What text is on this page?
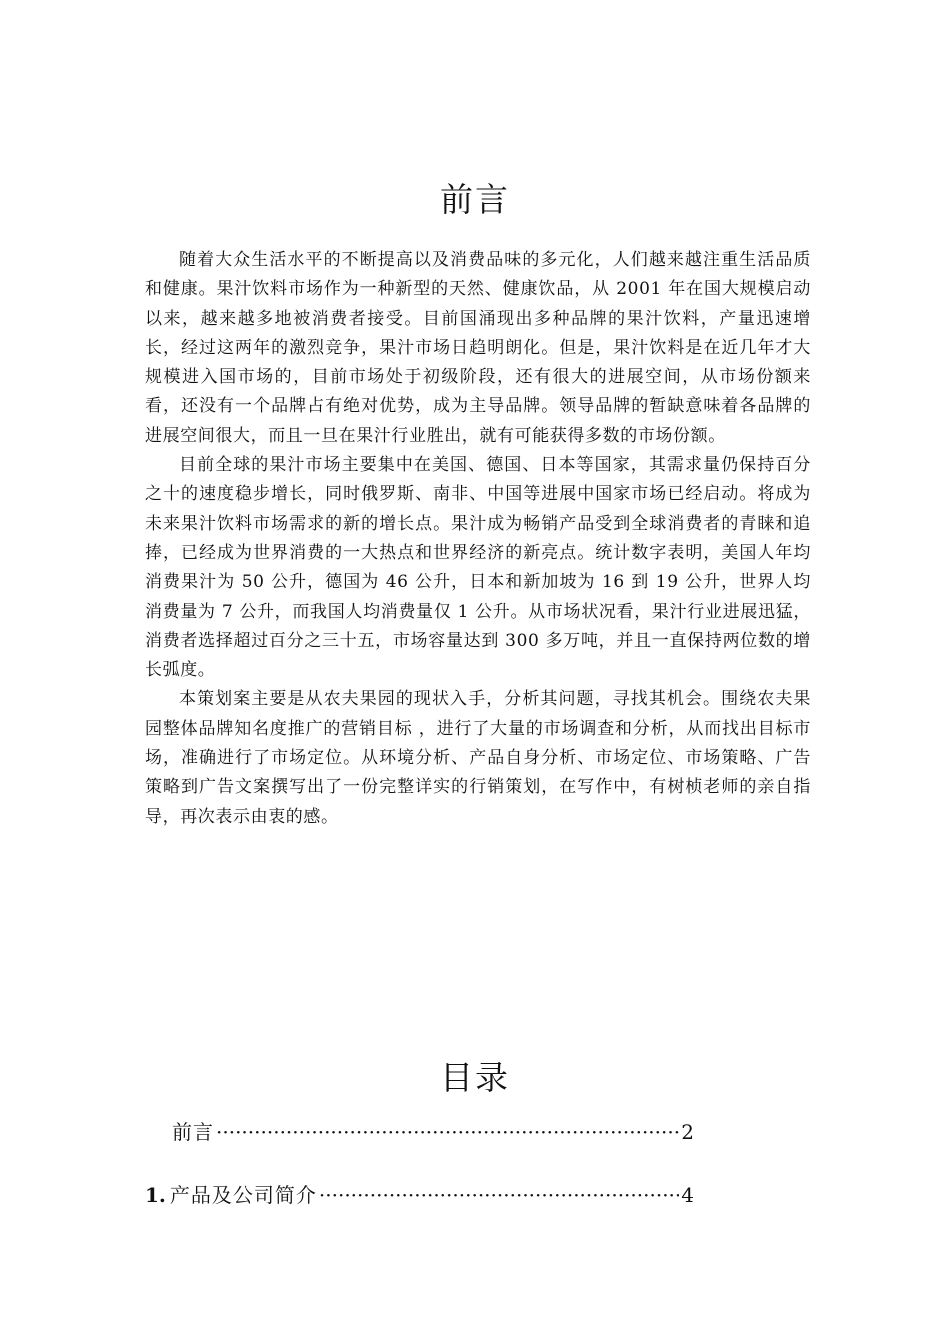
前言

随着大众生活水平的不断提高以及消费品味的多元化，人们越来越注重生活品质和健康。果汁饮料市场作为一种新型的天然、健康饮品，从 2001 年在国大规模启动以来，越来越多地被消费者接受。目前国涌现出多种品牌的果汁饮料，产量迅速增长，经过这两年的激烈竞争，果汁市场日趋明朗化。但是，果汁饮料是在近几年才大规模进入国市场的，目前市场处于初级阶段，还有很大的进展空间，从市场份额来看，还没有一个品牌占有绝对优势，成为主导品牌。领导品牌的暂缺意味着各品牌的进展空间很大，而且一旦在果汁行业胜出，就有可能获得多数的市场份额。

目前全球的果汁市场主要集中在美国、德国、日本等国家，其需求量仍保持百分之十的速度稳步增长，同时俄罗斯、南非、中国等进展中国家市场已经启动。将成为未来果汁饮料市场需求的新的增长点。果汁成为畅销产品受到全球消费者的青睐和追捧，已经成为世界消费的一大热点和世界经济的新亮点。统计数字表明，美国人年均消费果汁为 50 公升，德国为 46 公升，日本和新加坡为 16 到 19 公升，世界人均消费量为 7 公升，而我国人均消费量仅 1 公升。从市场状况看，果汁行业进展迅猛，消费者选择超过百分之三十五，市场容量达到 300 多万吨，并且一直保持两位数的增长弧度。

本策划案主要是从农夫果园的现状入手，分析其问题，寻找其机会。围绕农夫果园整体品牌知名度推广的营销目标 ，进行了大量的市场调查和分析，从而找出目标市场，准确进行了市场定位。从环境分析、产品自身分析、市场定位、市场策略、广告策略到广告文案撰写出了一份完整详实的行销策划，在写作中，有树桢老师的亲自指导，再次表示由衷的感。

目录
前言 ·····	2
1. 产品及公司简介 ·····	4
